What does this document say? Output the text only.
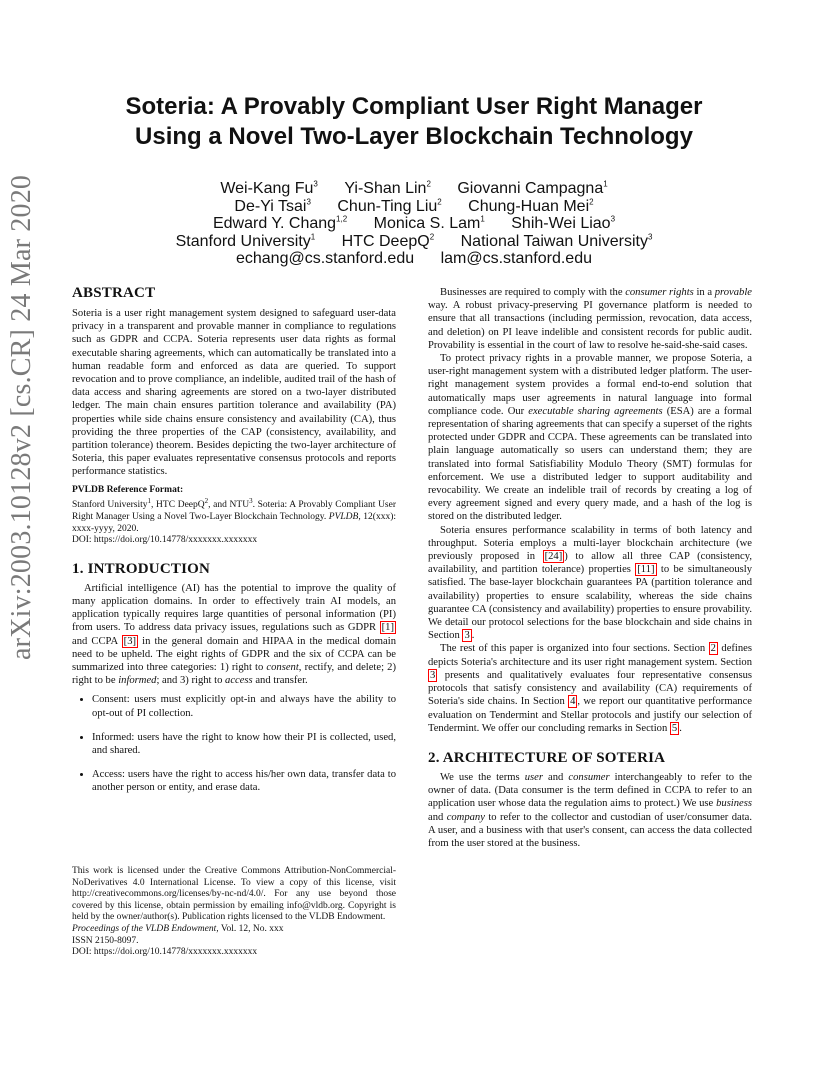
arXiv:2003.10128v2 [cs.CR] 24 Mar 2020
Soteria: A Provably Compliant User Right Manager
Using a Novel Two-Layer Blockchain Technology
Wei-Kang Fu$^3$ Yi-Shan Lin$^2$ Giovanni Campagna$^1$
De-Yi Tsai$^3$ Chun-Ting Liu$^2$ Chung-Huan Mei$^2$
Edward Y. Chang$^{1,2}$ Monica S. Lam$^1$ Shih-Wei Liao$^3$
Stanford University$^1$ HTC DeepQ$^2$ National Taiwan University$^3$
echang@cs.stanford.edu lam@cs.stanford.edu
ABSTRACT

Soteria is a user right management system designed to safeguard user-data privacy in a transparent and provable manner in compliance to regulations such as GDPR and CCPA. Soteria represents user data rights as formal executable sharing agreements, which can automatically be translated into a human readable form and enforced as data are queried. To support revocation and to prove compliance, an indelible, audited trail of the hash of data access and sharing agreements are stored on a two-layer distributed ledger. The main chain ensures partition tolerance and availability (PA) properties while side chains ensure consistency and availability (CA), thus providing the three properties of the CAP (consistency, availability, and partition tolerance) theorem. Besides depicting the two-layer architecture of Soteria, this paper evaluates representative consensus protocols and reports performance statistics.

PVLDB Reference Format:
Stanford University$^1$, HTC DeepQ$^2$, and NTU$^3$. Soteria: A Provably Compliant User Right Manager Using a Novel Two-Layer Blockchain Technology. PVLDB, 12(xxx): xxxx-yyyy, 2020.
DOI: https://doi.org/10.14778/xxxxxxx.xxxxxxx
1. INTRODUCTION

Artificial intelligence (AI) has the potential to improve the quality of many application domains. In order to effectively train AI models, an application typically requires large quantities of personal information (PI) from users. To address data privacy issues, regulations such as GDPR [1] and CCPA [3] in the general domain and HIPAA in the medical domain need to be upheld. The eight rights of GDPR and the six of CCPA can be summarized into three categories: 1) right to consent, rectify, and delete; 2) right to be informed; and 3) right to access and transfer.

• Consent: users must explicitly opt-in and always have the ability to opt-out of PI collection.
• Informed: users have the right to know how their PI is collected, used, and shared.
• Access: users have the right to access his/her own data, transfer data to another person or entity, and erase data.
This work is licensed under the Creative Commons Attribution-NonCommercial-NoDerivatives 4.0 International License. To view a copy of this license, visit http://creativecommons.org/licenses/by-nc-nd/4.0/. For any use beyond those covered by this license, obtain permission by emailing info@vldb.org. Copyright is held by the owner/author(s). Publication rights licensed to the VLDB Endowment.
Proceedings of the VLDB Endowment, Vol. 12, No. xxx
ISSN 2150-8097.
DOI: https://doi.org/10.14778/xxxxxxx.xxxxxxx

Businesses are required to comply with the consumer rights in a provable way. A robust privacy-preserving PI governance platform is needed to ensure that all transactions (including permission, revocation, data access, and deletion) on PI leave indelible and consistent records for public audit. Provability is essential in the court of law to resolve he-said-she-said cases.

To protect privacy rights in a provable manner, we propose Soteria, a user-right management system with a distributed ledger platform. The user-right management system provides a formal end-to-end solution that automatically maps user agreements in natural language into formal compliance code. Our executable sharing agreements (ESA) are a formal representation of sharing agreements that can specify a superset of the rights protected under GDPR and CCPA. These agreements can be translated into plain language automatically so users can understand them; they are translated into formal Satisfiability Modulo Theory (SMT) formulas for enforcement. We use a distributed ledger to support auditability and revocability. We create an indelible trail of records by creating a log of every agreement signed and every query made, and a hash of the log is stored on the distributed ledger.

Soteria ensures performance scalability in terms of both latency and throughput. Soteria employs a multi-layer blockchain architecture (we previously proposed in [24] ) to allow all three CAP (consistency, availability, and partition tolerance) properties [11] to be simultaneously satisfied. The base-layer blockchain guarantees PA (partition tolerance and availability) properties to ensure scalability, whereas the side chains guarantee CA (consistency and availability) properties to ensure provability. We detail our protocol selections for the base blockchain and side chains in Section 3 .

The rest of this paper is organized into four sections. Section 2 defines depicts Soteria's architecture and its user right management system. Section 3 presents and qualitatively evaluates four representative consensus protocols that satisfy consistency and availability (CA) requirements of Soteria's side chains. In Section 4 , we report our quantitative performance evaluation on Tendermint and Stellar protocols and justify our selection of Tendermint. We offer our concluding remarks in Section 5 .

2. ARCHITECTURE OF SOTERIA

We use the terms user and consumer interchangeably to refer to the owner of data. (Data consumer is the term defined in CCPA to refer to an application user whose data the regulation aims to protect.) We use business and company to refer to the collector and custodian of user/consumer data. A user, and a business with that user's consent, can access the data collected from the user stored at the business.
